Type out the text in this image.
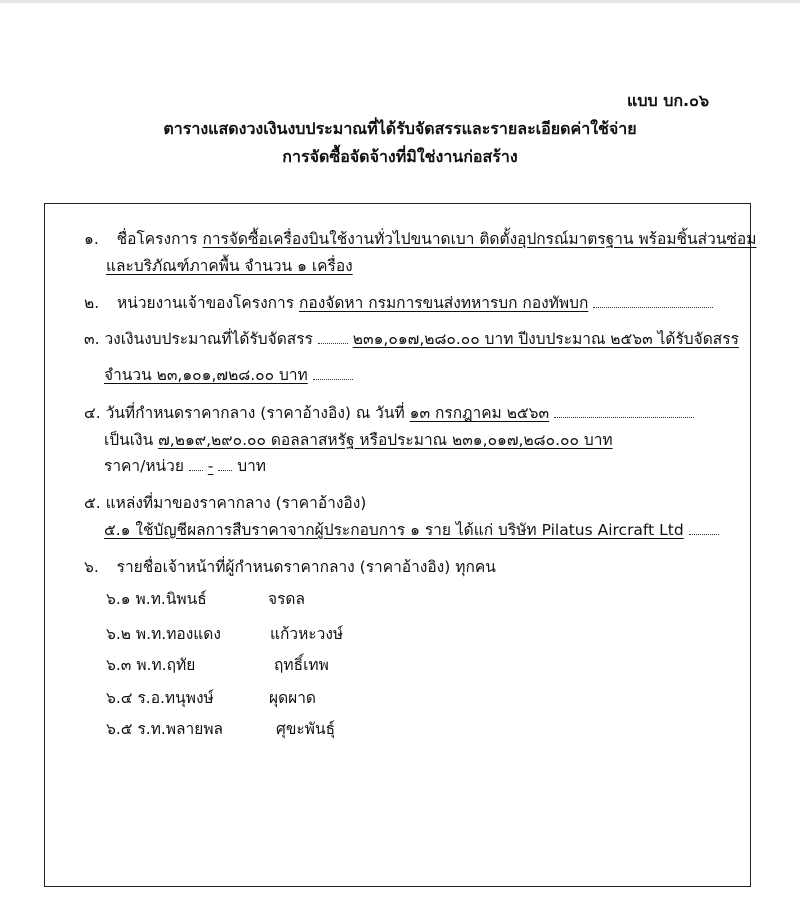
แบบ บก.๐๖
ตารางแสดงวงเงินงบประมาณที่ได้รับจัดสรรและรายละเอียดค่าใช้จ่าย
การจัดซื้อจัดจ้างที่มิใช่งานก่อสร้าง
๑. ชื่อโครงการ การจัดซื้อเครื่องบินใช้งานทั่วไปขนาดเบา ติดตั้งอุปกรณ์มาตรฐาน พร้อมชิ้นส่วนซ่อม
และบริภัณฑ์ภาคพื้น จำนวน ๑ เครื่อง
๒. หน่วยงานเจ้าของโครงการ กองจัดหา กรมการขนส่งทหารบก กองทัพบก
๓. วงเงินงบประมาณที่ได้รับจัดสรร	๒๓๑,๐๑๗,๒๘๐.๐๐ บาท ปีงบประมาณ ๒๕๖๓ ได้รับจัดสรร
จำนวน ๒๓,๑๐๑,๗๒๘.๐๐ บาท
๔. วันที่กำหนดราคากลาง (ราคาอ้างอิง) ณ วันที่ ๑๓ กรกฎาคม ๒๕๖๓
เป็นเงิน ๗,๒๑๙,๒๙๐.๐๐ ดอลลาสหรัฐ หรือประมาณ ๒๓๑,๐๑๗,๒๘๐.๐๐ บาท
ราคา/หน่วย - บาท
๕. แหล่งที่มาของราคากลาง (ราคาอ้างอิง)
๕.๑ ใช้บัญชีผลการสืบราคาจากผู้ประกอบการ ๑ ราย ได้แก่ บริษัท Pilatus Aircraft Ltd
๖. รายชื่อเจ้าหน้าที่ผู้กำหนดราคากลาง (ราคาอ้างอิง) ทุกคน
๖.๑ พ.ท.นิพนธ์	จรดล
๖.๒ พ.ท.ทองแดง	แก้วหะวงษ์
๖.๓ พ.ท.ฤทัย	ฤทธิ์เทพ
๖.๔ ร.อ.ทนุพงษ์	ผุดผาด
๖.๕ ร.ท.พลายพล	ศุขะพันธุ์
